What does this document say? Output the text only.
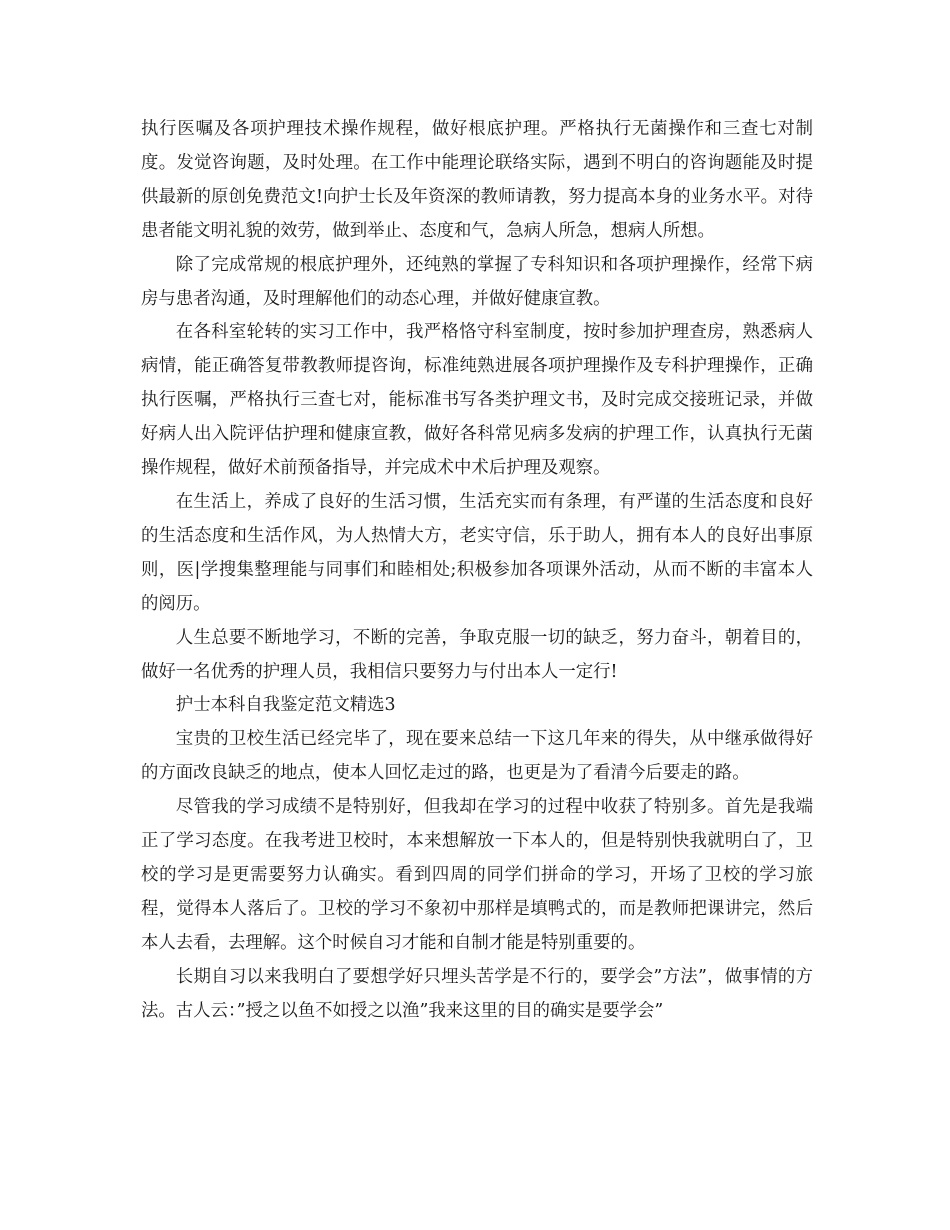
执行医嘱及各项护理技术操作规程，做好根底护理。严格执行无菌操作和三查七对制度。发觉咨询题，及时处理。在工作中能理论联络实际，遇到不明白的咨询题能及时提供最新的原创免费范文!向护士长及年资深的教师请教，努力提高本身的业务水平。对待患者能文明礼貌的效劳，做到举止、态度和气，急病人所急，想病人所想。

除了完成常规的根底护理外，还纯熟的掌握了专科知识和各项护理操作，经常下病房与患者沟通，及时理解他们的动态心理，并做好健康宣教。

在各科室轮转的实习工作中，我严格恪守科室制度，按时参加护理查房，熟悉病人病情，能正确答复带教教师提咨询，标准纯熟进展各项护理操作及专科护理操作，正确执行医嘱，严格执行三查七对，能标准书写各类护理文书，及时完成交接班记录，并做好病人出入院评估护理和健康宣教，做好各科常见病多发病的护理工作，认真执行无菌操作规程，做好术前预备指导，并完成术中术后护理及观察。

在生活上，养成了良好的生活习惯，生活充实而有条理，有严谨的生活态度和良好的生活态度和生活作风，为人热情大方，老实守信，乐于助人，拥有本人的良好出事原则，医|学搜集整理能与同事们和睦相处;积极参加各项课外活动，从而不断的丰富本人的阅历。

人生总要不断地学习，不断的完善，争取克服一切的缺乏，努力奋斗，朝着目的，做好一名优秀的护理人员，我相信只要努力与付出本人一定行!

护士本科自我鉴定范文精选3

宝贵的卫校生活已经完毕了，现在要来总结一下这几年来的得失，从中继承做得好的方面改良缺乏的地点，使本人回忆走过的路，也更是为了看清今后要走的路。

尽管我的学习成绩不是特别好，但我却在学习的过程中收获了特别多。首先是我端正了学习态度。在我考进卫校时，本来想解放一下本人的，但是特别快我就明白了，卫校的学习是更需要努力认确实。看到四周的同学们拼命的学习，开场了卫校的学习旅程，觉得本人落后了。卫校的学习不象初中那样是填鸭式的，而是教师把课讲完，然后本人去看，去理解。这个时候自习才能和自制才能是特别重要的。

长期自习以来我明白了要想学好只埋头苦学是不行的，要学会”方法”，做事情的方法。古人云：”授之以鱼不如授之以渔”我来这里的目的确实是要学会”
